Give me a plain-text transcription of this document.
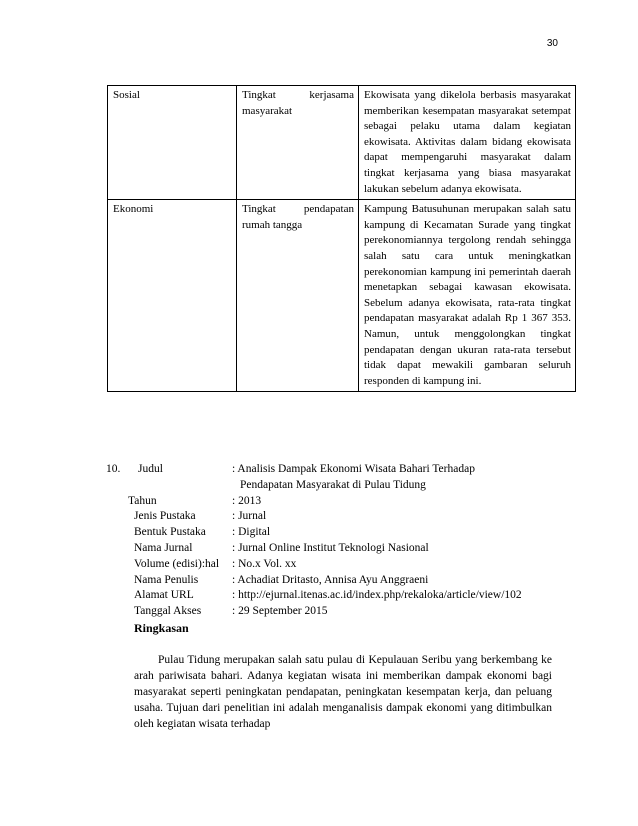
30
Sosial	Tingkat kerjasama masyarakat	Ekowisata yang dikelola berbasis masyarakat memberikan kesempatan masyarakat setempat sebagai pelaku utama dalam kegiatan ekowisata. Aktivitas dalam bidang ekowisata dapat mempengaruhi masyarakat dalam tingkat kerjasama yang biasa masyarakat lakukan sebelum adanya ekowisata.
Ekonomi	Tingkat pendapatan rumah tangga	Kampung Batusuhunan merupakan salah satu kampung di Kecamatan Surade yang tingkat perekonomiannya tergolong rendah sehingga salah satu cara untuk meningkatkan perekonomian kampung ini pemerintah daerah menetapkan sebagai kawasan ekowisata. Sebelum adanya ekowisata, rata-rata tingkat pendapatan masyarakat adalah Rp 1 367 353. Namun, untuk menggolongkan tingkat pendapatan dengan ukuran rata-rata tersebut tidak dapat mewakili gambaran seluruh responden di kampung ini.
10.	Judul	: Analisis Dampak Ekonomi Wisata Bahari Terhadap
Pendapatan Masyarakat di Pulau Tidung
Tahun	: 2013
Jenis Pustaka	: Jurnal
Bentuk Pustaka	: Digital
Nama Jurnal	: Jurnal Online Institut Teknologi Nasional
Volume (edisi):hal	: No.x Vol. xx
Nama Penulis	: Achadiat Dritasto, Annisa Ayu Anggraeni
Alamat URL	: http://ejurnal.itenas.ac.id/index.php/rekaloka/article/view/102
Tanggal Akses	: 29 September 2015
Ringkasan

Pulau Tidung merupakan salah satu pulau di Kepulauan Seribu yang berkembang ke arah pariwisata bahari. Adanya kegiatan wisata ini memberikan dampak ekonomi bagi masyarakat seperti peningkatan pendapatan, peningkatan kesempatan kerja, dan peluang usaha. Tujuan dari penelitian ini adalah menganalisis dampak ekonomi yang ditimbulkan oleh kegiatan wisata terhadap
